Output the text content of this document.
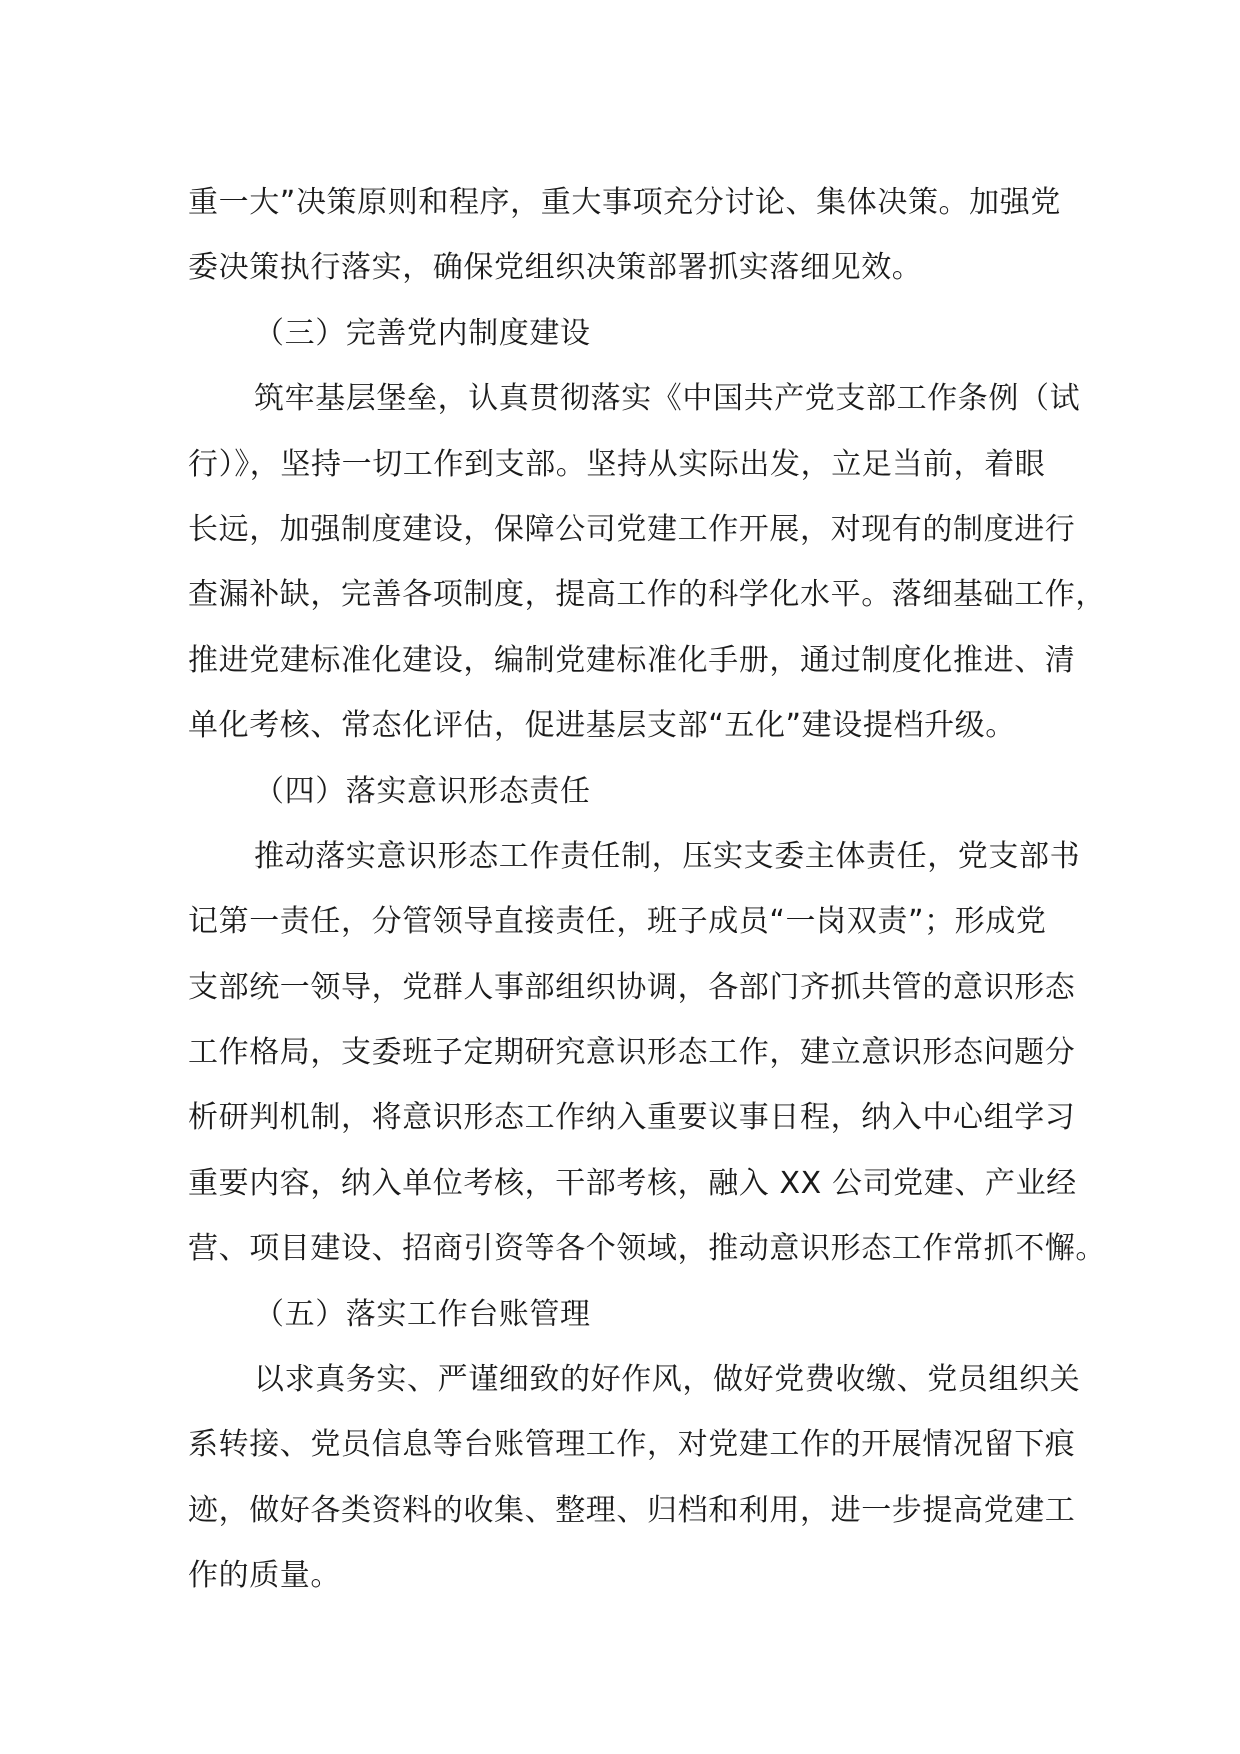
重一大”决策原则和程序，重大事项充分讨论、集体决策。加强党
委决策执行落实，确保党组织决策部署抓实落细见效。
（三）完善党内制度建设
筑牢基层堡垒，认真贯彻落实《中国共产党支部工作条例（试
行）》，坚持一切工作到支部。坚持从实际出发，立足当前，着眼
长远，加强制度建设，保障公司党建工作开展，对现有的制度进行
查漏补缺，完善各项制度，提高工作的科学化水平。落细基础工作，
推进党建标准化建设，编制党建标准化手册，通过制度化推进、清
单化考核、常态化评估，促进基层支部“五化”建设提档升级。
（四）落实意识形态责任
推动落实意识形态工作责任制，压实支委主体责任，党支部书
记第一责任，分管领导直接责任，班子成员“一岗双责”；形成党
支部统一领导，党群人事部组织协调，各部门齐抓共管的意识形态
工作格局，支委班子定期研究意识形态工作，建立意识形态问题分
析研判机制，将意识形态工作纳入重要议事日程，纳入中心组学习
重要内容，纳入单位考核，干部考核，融入 XX 公司党建、产业经
营、项目建设、招商引资等各个领域，推动意识形态工作常抓不懈。
（五）落实工作台账管理
以求真务实、严谨细致的好作风，做好党费收缴、党员组织关
系转接、党员信息等台账管理工作，对党建工作的开展情况留下痕
迹，做好各类资料的收集、整理、归档和利用，进一步提高党建工
作的质量。
